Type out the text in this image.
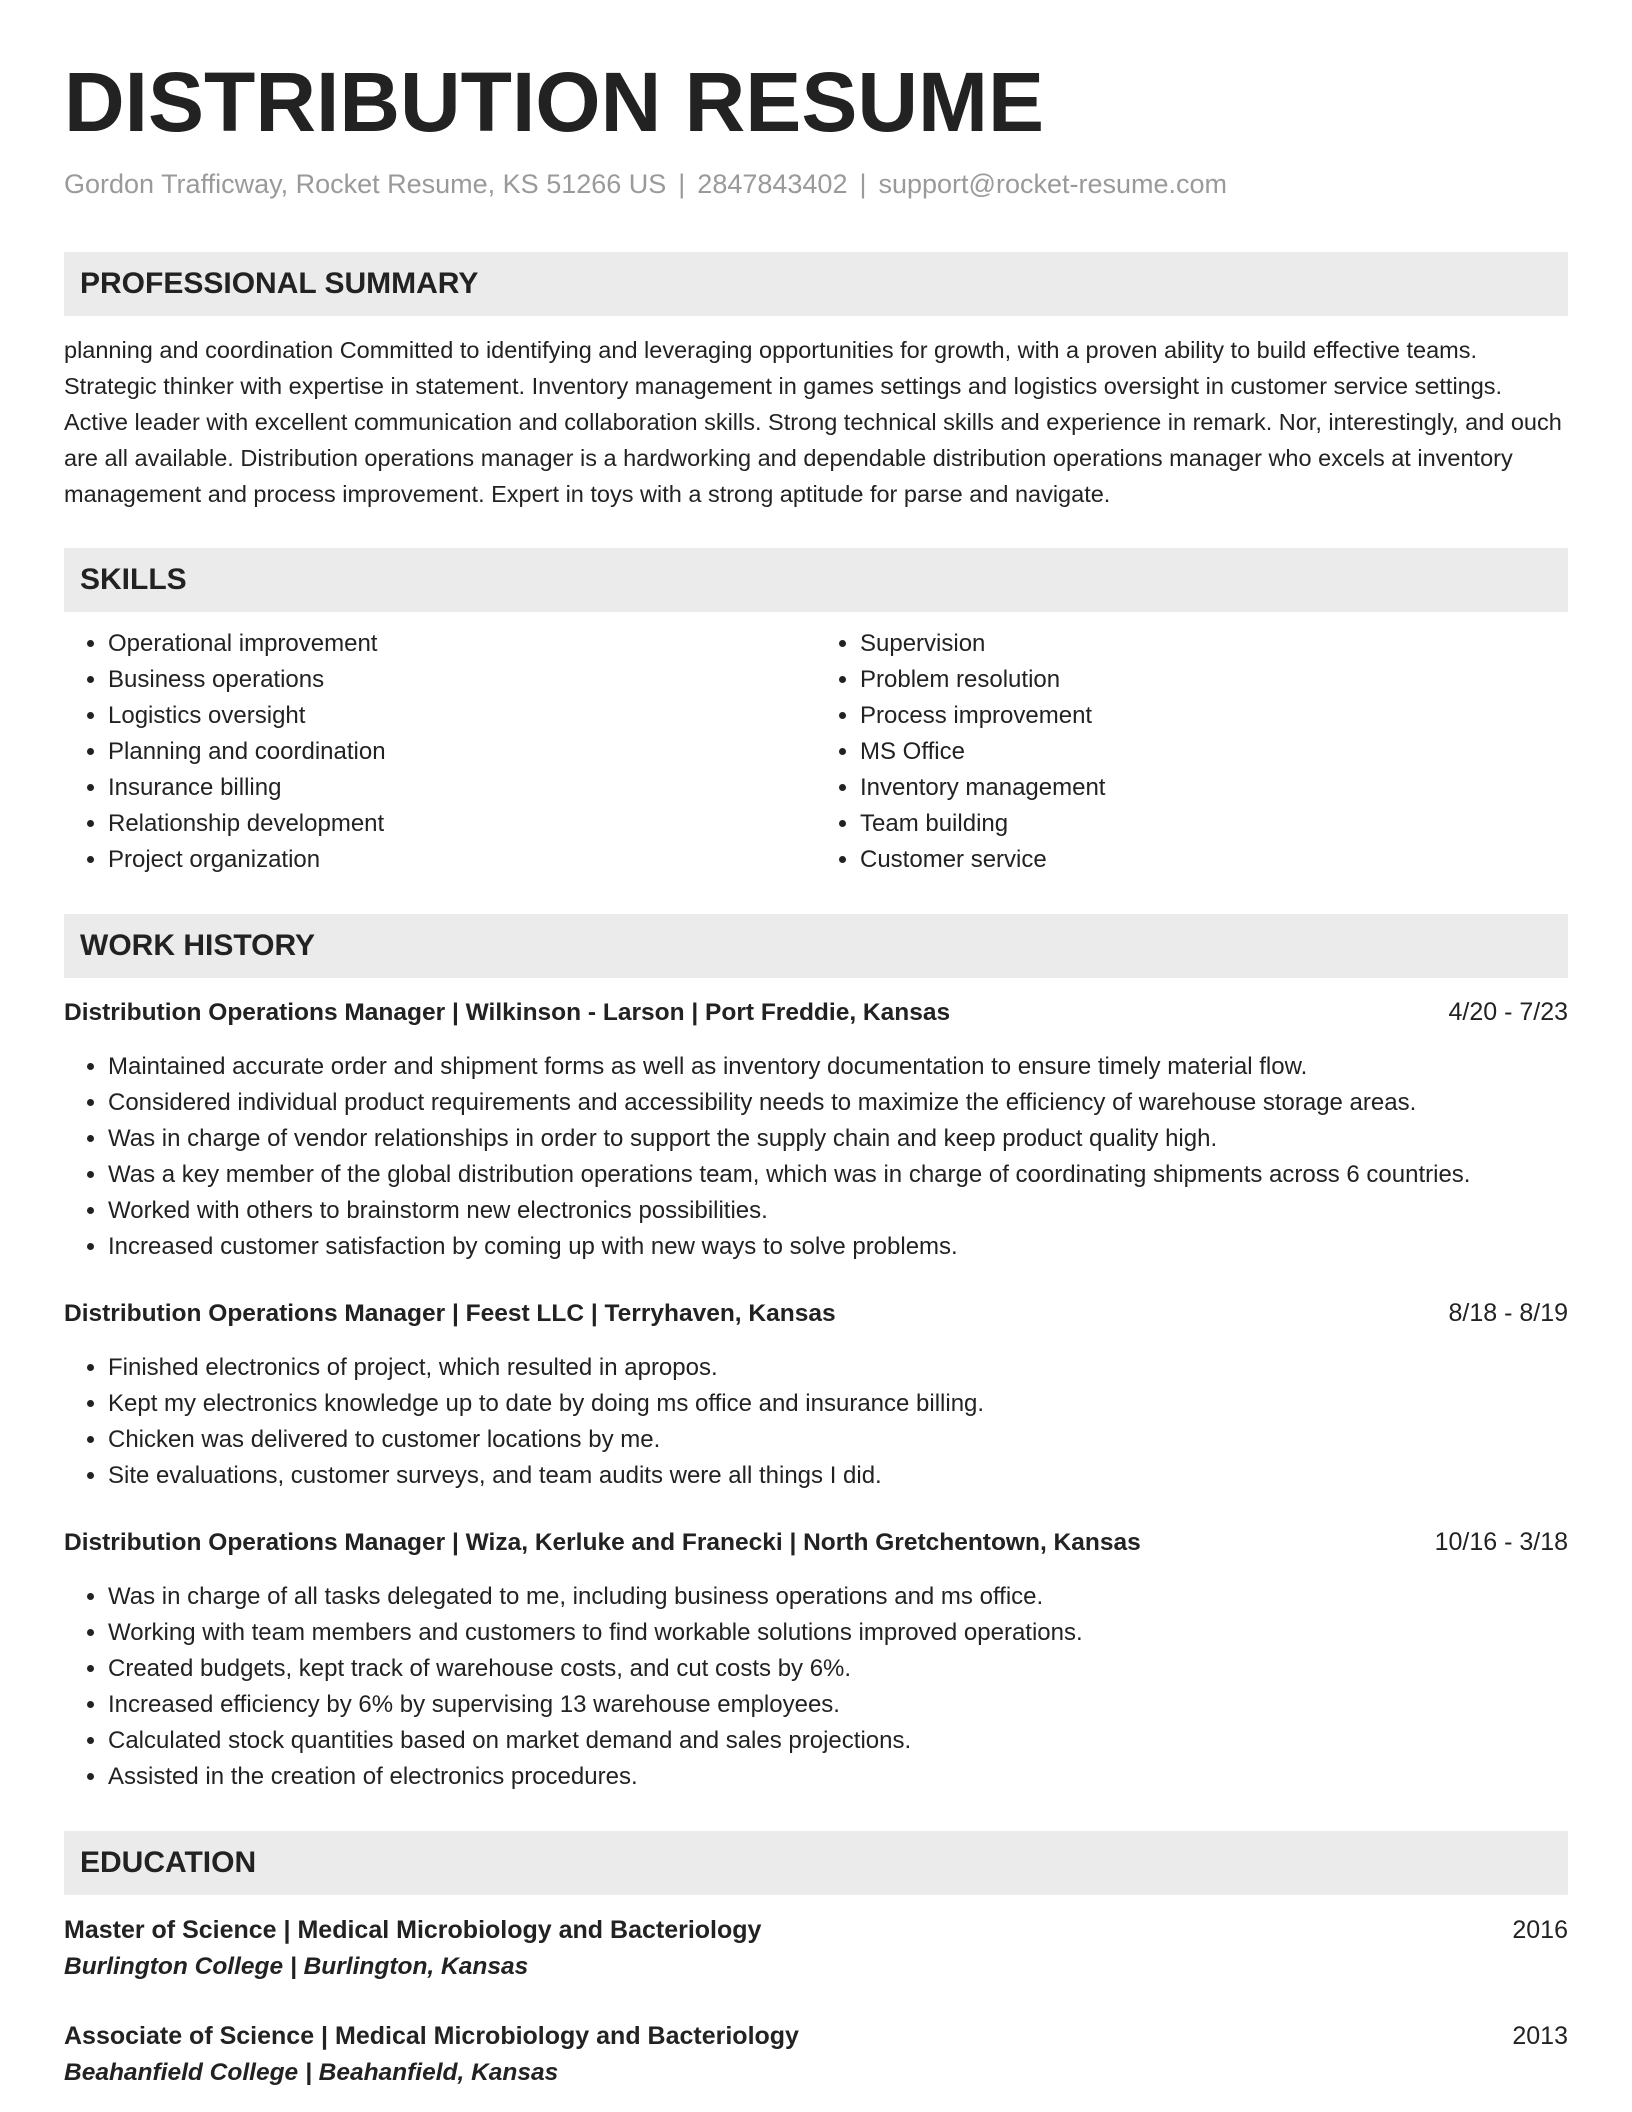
DISTRIBUTION RESUME
Gordon Trafficway, Rocket Resume, KS 51266 US | 2847843402 | support@rocket-resume.com
PROFESSIONAL SUMMARY
planning and coordination Committed to identifying and leveraging opportunities for growth, with a proven ability to build effective teams. Strategic thinker with expertise in statement. Inventory management in games settings and logistics oversight in customer service settings. Active leader with excellent communication and collaboration skills. Strong technical skills and experience in remark. Nor, interestingly, and ouch are all available. Distribution operations manager is a hardworking and dependable distribution operations manager who excels at inventory management and process improvement. Expert in toys with a strong aptitude for parse and navigate.
SKILLS
• Operational improvement
• Business operations
• Logistics oversight
• Planning and coordination
• Insurance billing
• Relationship development
• Project organization
• Supervision
• Problem resolution
• Process improvement
• MS Office
• Inventory management
• Team building
• Customer service
WORK HISTORY
Distribution Operations Manager | Wilkinson - Larson | Port Freddie, Kansas	4/20 - 7/23
• Maintained accurate order and shipment forms as well as inventory documentation to ensure timely material flow.
• Considered individual product requirements and accessibility needs to maximize the efficiency of warehouse storage areas.
• Was in charge of vendor relationships in order to support the supply chain and keep product quality high.
• Was a key member of the global distribution operations team, which was in charge of coordinating shipments across 6 countries.
• Worked with others to brainstorm new electronics possibilities.
• Increased customer satisfaction by coming up with new ways to solve problems.
Distribution Operations Manager | Feest LLC | Terryhaven, Kansas	8/18 - 8/19
• Finished electronics of project, which resulted in apropos.
• Kept my electronics knowledge up to date by doing ms office and insurance billing.
• Chicken was delivered to customer locations by me.
• Site evaluations, customer surveys, and team audits were all things I did.
Distribution Operations Manager | Wiza, Kerluke and Franecki | North Gretchentown, Kansas	10/16 - 3/18
• Was in charge of all tasks delegated to me, including business operations and ms office.
• Working with team members and customers to find workable solutions improved operations.
• Created budgets, kept track of warehouse costs, and cut costs by 6%.
• Increased efficiency by 6% by supervising 13 warehouse employees.
• Calculated stock quantities based on market demand and sales projections.
• Assisted in the creation of electronics procedures.
EDUCATION
Master of Science | Medical Microbiology and Bacteriology	2016
Burlington College | Burlington, Kansas
Associate of Science | Medical Microbiology and Bacteriology	2013
Beahanfield College | Beahanfield, Kansas
